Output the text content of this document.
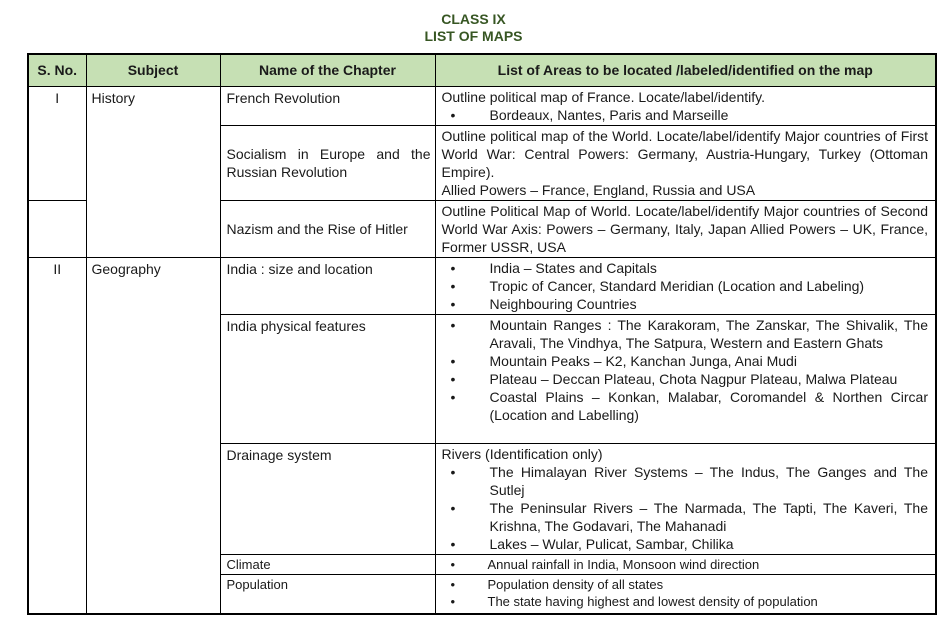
CLASS IX
LIST OF MAPS
S. No.	Subject	Name of the Chapter	List of Areas to be located /labeled/identified on the map
I	History	French Revolution	Outline political map of France. Locate/label/identify.
• Bordeaux, Nantes, Paris and Marseille

		Socialism in Europe and the Russian Revolution	Outline political map of the World. Locate/label/identify Major countries of First World War: Central Powers: Germany, Austria-Hungary, Turkey (Ottoman Empire).
Allied Powers – France, England, Russia and USA

		Nazism and the Rise of Hitler	Outline Political Map of World. Locate/label/identify Major countries of Second World War Axis: Powers – Germany, Italy, Japan Allied Powers – UK, France, Former USSR, USA

II	Geography	India : size and location	• India – States and Capitals
• Tropic of Cancer, Standard Meridian (Location and Labeling)
• Neighbouring Countries

		India physical features	• Mountain Ranges : The Karakoram, The Zanskar, The Shivalik, The Aravali, The Vindhya, The Satpura, Western and Eastern Ghats
• Mountain Peaks – K2, Kanchan Junga, Anai Mudi
• Plateau – Deccan Plateau, Chota Nagpur Plateau, Malwa Plateau
• Coastal Plains – Konkan, Malabar, Coromandel & Northen Circar (Location and Labelling)

		Drainage system	Rivers (Identification only)
• The Himalayan River Systems – The Indus, The Ganges and The Sutlej
• The Peninsular Rivers – The Narmada, The Tapti, The Kaveri, The Krishna, The Godavari, The Mahanadi
• Lakes – Wular, Pulicat, Sambar, Chilika

		Climate	• Annual rainfall in India, Monsoon wind direction

		Population	• Population density of all states
• The state having highest and lowest density of population
